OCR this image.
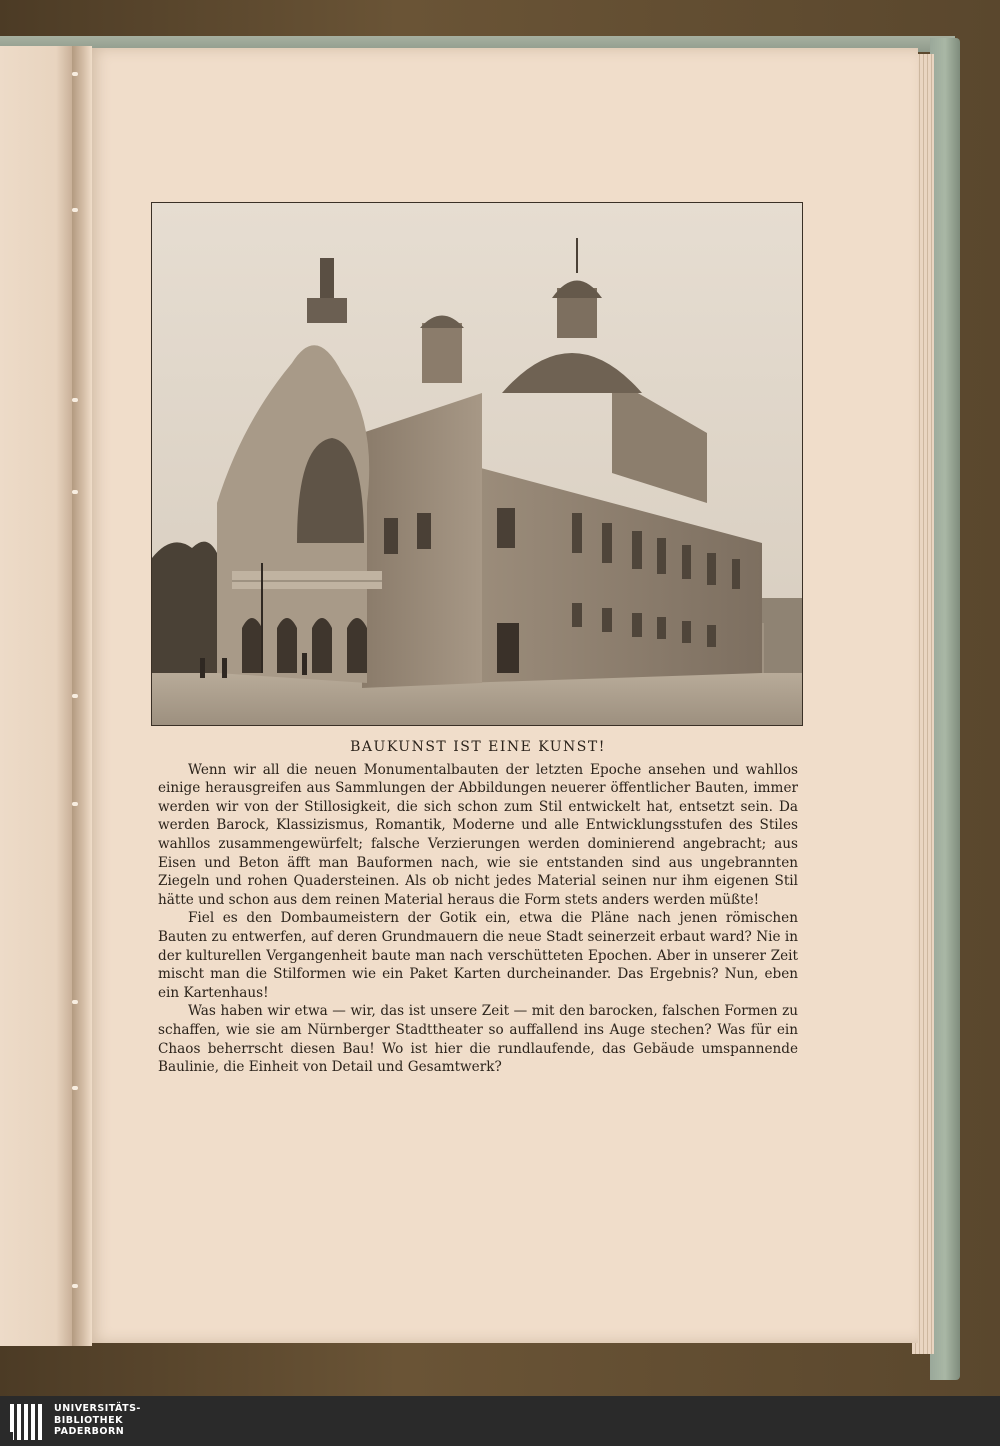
BAUKUNST IST EINE KUNST!

Wenn wir all die neuen Monumentalbauten der letzten Epoche ansehen und wahllos einige herausgreifen aus Sammlungen der Abbildungen neuerer öffentlicher Bauten, immer werden wir von der Stillosigkeit, die sich schon zum Stil entwickelt hat, entsetzt sein. Da werden Barock, Klassizismus, Romantik, Moderne und alle Entwicklungsstufen des Stiles wahllos zusammengewürfelt; falsche Verzierungen werden dominierend angebracht; aus Eisen und Beton äfft man Bauformen nach, wie sie entstanden sind aus ungebrannten Ziegeln und rohen Quadersteinen. Als ob nicht jedes Material seinen nur ihm eigenen Stil hätte und schon aus dem reinen Material heraus die Form stets anders werden müßte!

Fiel es den Dombaumeistern der Gotik ein, etwa die Pläne nach jenen römischen Bauten zu entwerfen, auf deren Grundmauern die neue Stadt seinerzeit erbaut ward? Nie in der kulturellen Vergangenheit baute man nach verschütteten Epochen. Aber in unserer Zeit mischt man die Stilformen wie ein Paket Karten durcheinander. Das Ergebnis? Nun, eben ein Kartenhaus!

Was haben wir etwa — wir, das ist unsere Zeit — mit den barocken, falschen Formen zu schaffen, wie sie am Nürnberger Stadttheater so auffallend ins Auge stechen? Was für ein Chaos beherrscht diesen Bau! Wo ist hier die rundlaufende, das Gebäude umspannende Baulinie, die Einheit von Detail und Gesamtwerk?

UNIVERSITÄTS-
BIBLIOTHEK
PADERBORN
